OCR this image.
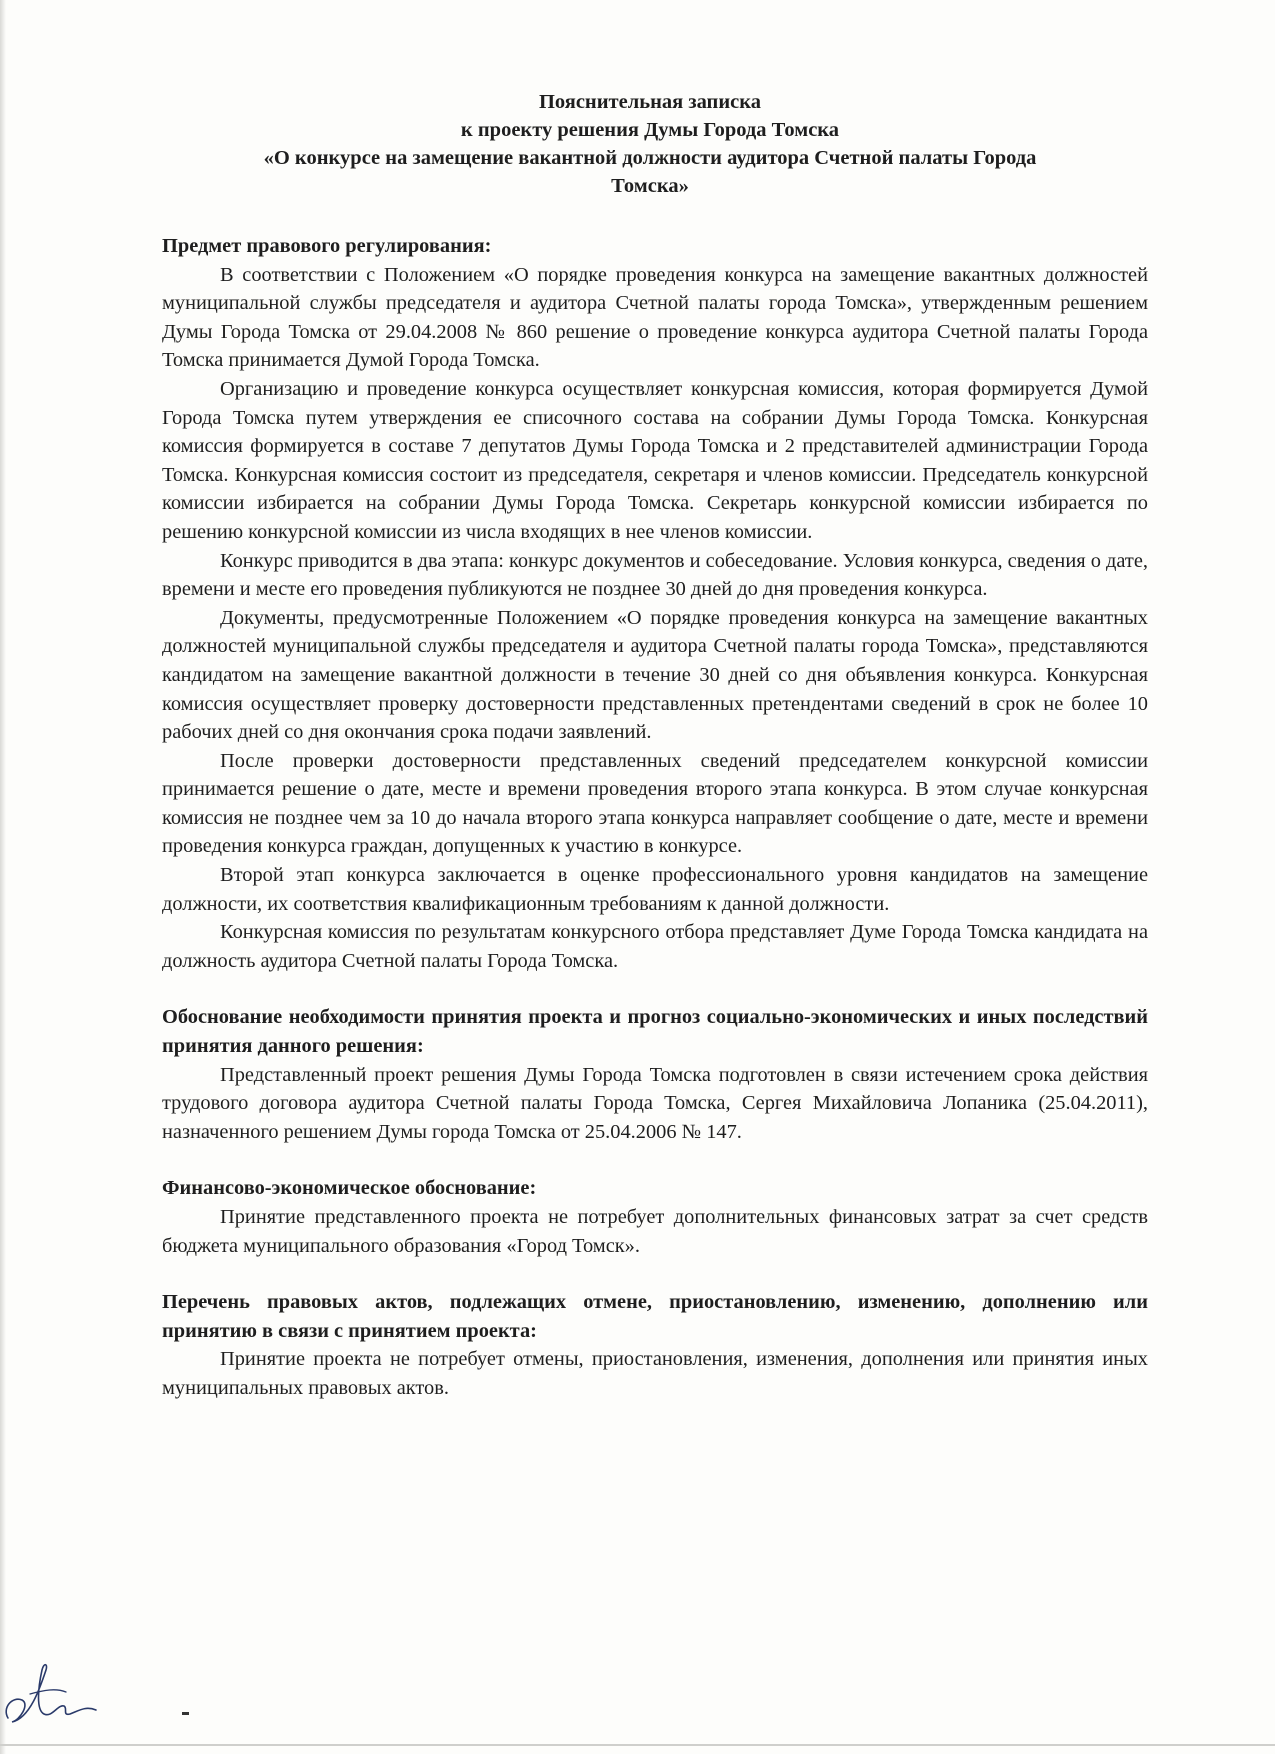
Пояснительная записка
к проекту решения Думы Города Томска
«О конкурсе на замещение вакантной должности аудитора Счетной палаты Города
Томска»

Предмет правового регулирования:

В соответствии с Положением «О порядке проведения конкурса на замещение вакантных должностей муниципальной службы председателя и аудитора Счетной палаты города Томска», утвержденным решением Думы Города Томска от 29.04.2008 № 860 решение о проведение конкурса аудитора Счетной палаты Города Томска принимается Думой Города Томска.

Организацию и проведение конкурса осуществляет конкурсная комиссия, которая формируется Думой Города Томска путем утверждения ее списочного состава на собрании Думы Города Томска. Конкурсная комиссия формируется в составе 7 депутатов Думы Города Томска и 2 представителей администрации Города Томска. Конкурсная комиссия состоит из председателя, секретаря и членов комиссии. Председатель конкурсной комиссии избирается на собрании Думы Города Томска. Секретарь конкурсной комиссии избирается по решению конкурсной комиссии из числа входящих в нее членов комиссии.

Конкурс приводится в два этапа: конкурс документов и собеседование. Условия конкурса, сведения о дате, времени и месте его проведения публикуются не позднее 30 дней до дня проведения конкурса.

Документы, предусмотренные Положением «О порядке проведения конкурса на замещение вакантных должностей муниципальной службы председателя и аудитора Счетной палаты города Томска», представляются кандидатом на замещение вакантной должности в течение 30 дней со дня объявления конкурса. Конкурсная комиссия осуществляет проверку достоверности представленных претендентами сведений в срок не более 10 рабочих дней со дня окончания срока подачи заявлений.

После проверки достоверности представленных сведений председателем конкурсной комиссии принимается решение о дате, месте и времени проведения второго этапа конкурса. В этом случае конкурсная комиссия не позднее чем за 10 до начала второго этапа конкурса направляет сообщение о дате, месте и времени проведения конкурса граждан, допущенных к участию в конкурсе.

Второй этап конкурса заключается в оценке профессионального уровня кандидатов на замещение должности, их соответствия квалификационным требованиям к данной должности.

Конкурсная комиссия по результатам конкурсного отбора представляет Думе Города Томска кандидата на должность аудитора Счетной палаты Города Томска.

Обоснование необходимости принятия проекта и прогноз социально-экономических и иных последствий принятия данного решения:

Представленный проект решения Думы Города Томска подготовлен в связи истечением срока действия трудового договора аудитора Счетной палаты Города Томска, Сергея Михайловича Лопаника (25.04.2011), назначенного решением Думы города Томска от 25.04.2006 № 147.

Финансово-экономическое обоснование:

Принятие представленного проекта не потребует дополнительных финансовых затрат за счет средств бюджета муниципального образования «Город Томск».

Перечень правовых актов, подлежащих отмене, приостановлению, изменению, дополнению или принятию в связи с принятием проекта:

Принятие проекта не потребует отмены, приостановления, изменения, дополнения или принятия иных муниципальных правовых актов.
